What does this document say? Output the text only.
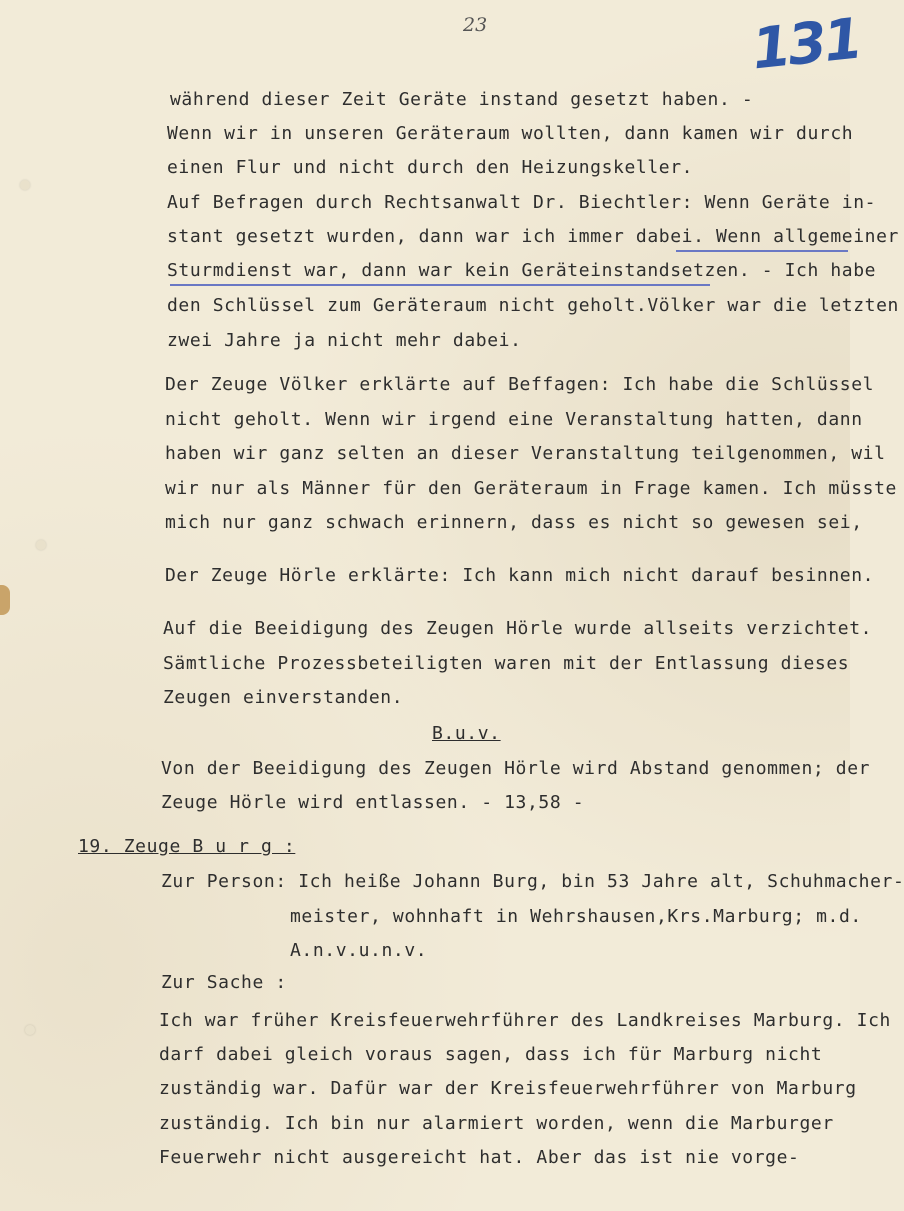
23	131
während dieser Zeit Geräte instand gesetzt haben. -
Wenn wir in unseren Geräteraum wollten, dann kamen wir durch
einen Flur und nicht durch den Heizungskeller.
Auf Befragen durch Rechtsanwalt Dr. Biechtler: Wenn Geräte in-
stant gesetzt wurden, dann war ich immer dabei. Wenn allgemeiner
Sturmdienst war, dann war kein Geräteinstandsetzen. - Ich habe
den Schlüssel zum Geräteraum nicht geholt.Völker war die letzten
zwei Jahre ja nicht mehr dabei.
Der Zeuge Völker erklärte auf Beffagen: Ich habe die Schlüssel
nicht geholt. Wenn wir irgend eine Veranstaltung hatten, dann
haben wir ganz selten an dieser Veranstaltung teilgenommen, wil
wir nur als Männer für den Geräteraum in Frage kamen. Ich müsste
mich nur ganz schwach erinnern, dass es nicht so gewesen sei,
Der Zeuge Hörle erklärte: Ich kann mich nicht darauf besinnen.
Auf die Beeidigung des Zeugen Hörle wurde allseits verzichtet.
Sämtliche Prozessbeteiligten waren mit der Entlassung dieses
Zeugen einverstanden.
B.u.v.
Von der Beeidigung des Zeugen Hörle wird Abstand genommen; der
Zeuge Hörle wird entlassen. - 13,58 -
19. Zeuge B u r g :
Zur Person: Ich heiße Johann Burg, bin 53 Jahre alt, Schuhmacher-
meister, wohnhaft in Wehrshausen,Krs.Marburg; m.d.
A.n.v.u.n.v.
Zur Sache :
Ich war früher Kreisfeuerwehrführer des Landkreises Marburg. Ich
darf dabei gleich voraus sagen, dass ich für Marburg nicht
zuständig war. Dafür war der Kreisfeuerwehrführer von Marburg
zuständig. Ich bin nur alarmiert worden, wenn die Marburger
Feuerwehr nicht ausgereicht hat. Aber das ist nie vorge-
